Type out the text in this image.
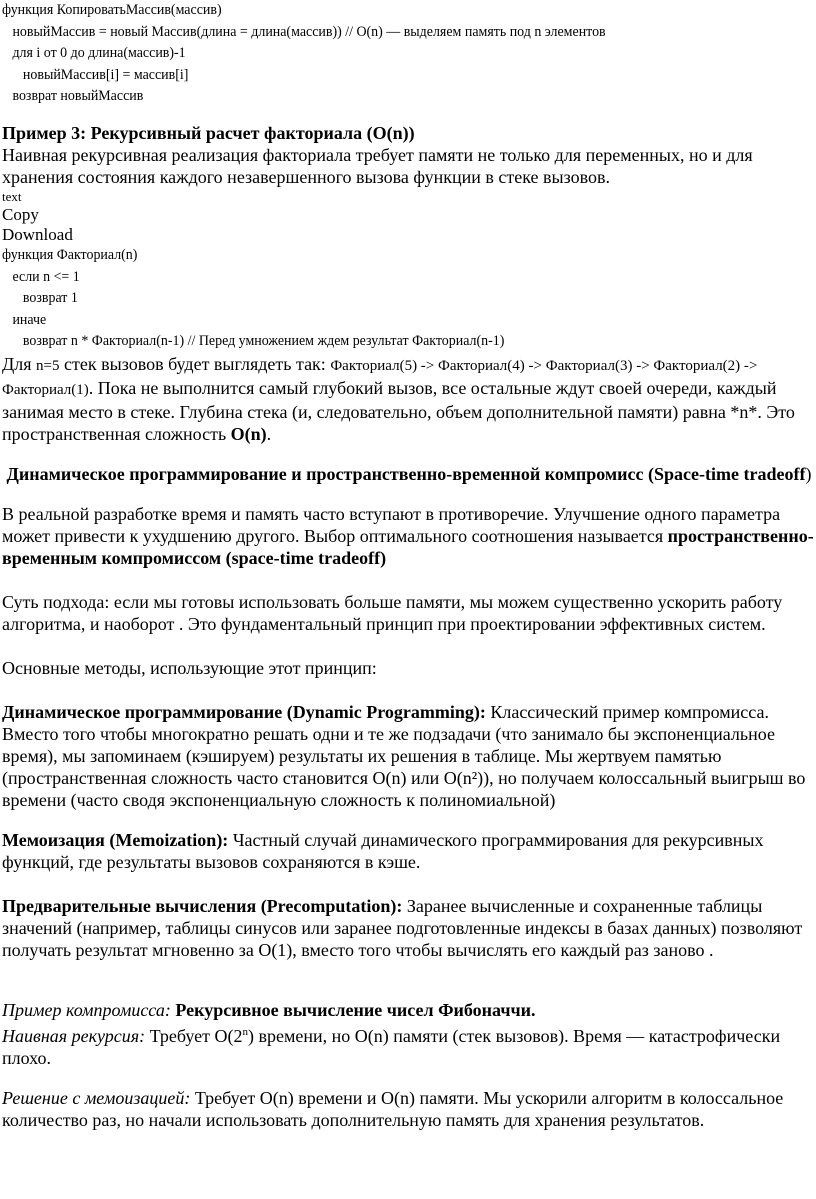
функция КопироватьМассив(массив)
новыйМассив = новый Массив(длина = длина(массив)) // O(n) — выделяем память под n элементов
для i от 0 до длина(массив)-1
новыйМассив[i] = массив[i]
возврат новыйМассив

Пример 3: Рекурсивный расчет факториала (O(n))

Наивная рекурсивная реализация факториала требует памяти не только для переменных, но и для хранения состояния каждого незавершенного вызова функции в стеке вызовов.

text
Copy
Download
функция Факториал(n)
если n <= 1
возврат 1
иначе
возврат n * Факториал(n-1) // Перед умножением ждем результат Факториал(n-1)

Для n=5 стек вызовов будет выглядеть так: Факториал(5) -> Факториал(4) -> Факториал(3) -> Факториал(2) -> Факториал(1). Пока не выполнится самый глубокий вызов, все остальные ждут своей очереди, каждый занимая место в стеке. Глубина стека (и, следовательно, объем дополнительной памяти) равна *n*. Это пространственная сложность O(n).

Динамическое программирование и пространственно-временной компромисс (Space-time tradeoff)

В реальной разработке время и память часто вступают в противоречие. Улучшение одного параметра может привести к ухудшению другого. Выбор оптимального соотношения называется пространственно-временным компромиссом (space-time tradeoff)

Суть подхода: если мы готовы использовать больше памяти, мы можем существенно ускорить работу алгоритма, и наоборот . Это фундаментальный принцип при проектировании эффективных систем.

Основные методы, использующие этот принцип:

Динамическое программирование (Dynamic Programming): Классический пример компромисса. Вместо того чтобы многократно решать одни и те же подзадачи (что занимало бы экспоненциальное время), мы запоминаем (кэшируем) результаты их решения в таблице. Мы жертвуем памятью (пространственная сложность часто становится O(n) или O(n²)), но получаем колоссальный выигрыш во времени (часто сводя экспоненциальную сложность к полиномиальной)

Мемоизация (Memoization): Частный случай динамического программирования для рекурсивных функций, где результаты вызовов сохраняются в кэше.

Предварительные вычисления (Precomputation): Заранее вычисленные и сохраненные таблицы значений (например, таблицы синусов или заранее подготовленные индексы в базах данных) позволяют получать результат мгновенно за O(1), вместо того чтобы вычислять его каждый раз заново .

Пример компромисса: Рекурсивное вычисление чисел Фибоначчи.

Наивная рекурсия: Требует O(2$^n$) времени, но O(n) памяти (стек вызовов). Время — катастрофически плохо.

Решение с мемоизацией: Требует O(n) времени и O(n) памяти. Мы ускорили алгоритм в колоссальное количество раз, но начали использовать дополнительную память для хранения результатов.
